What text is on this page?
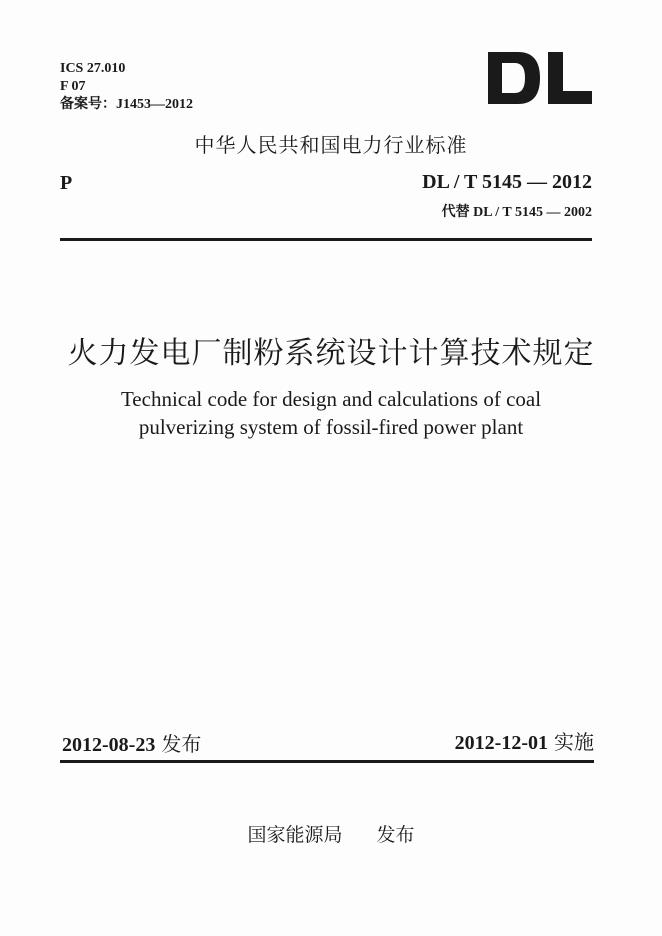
ICS 27.010
F 07
备案号：J1453—2012
中华人民共和国电力行业标准
P	DL / T 5145 — 2012
代替 DL / T 5145 — 2002
火力发电厂制粉系统设计计算技术规定
Technical code for design and calculations of coal
pulverizing system of fossil-fired power plant
2012-08-23 发布	2012-12-01 实施
国家能源局 发布
